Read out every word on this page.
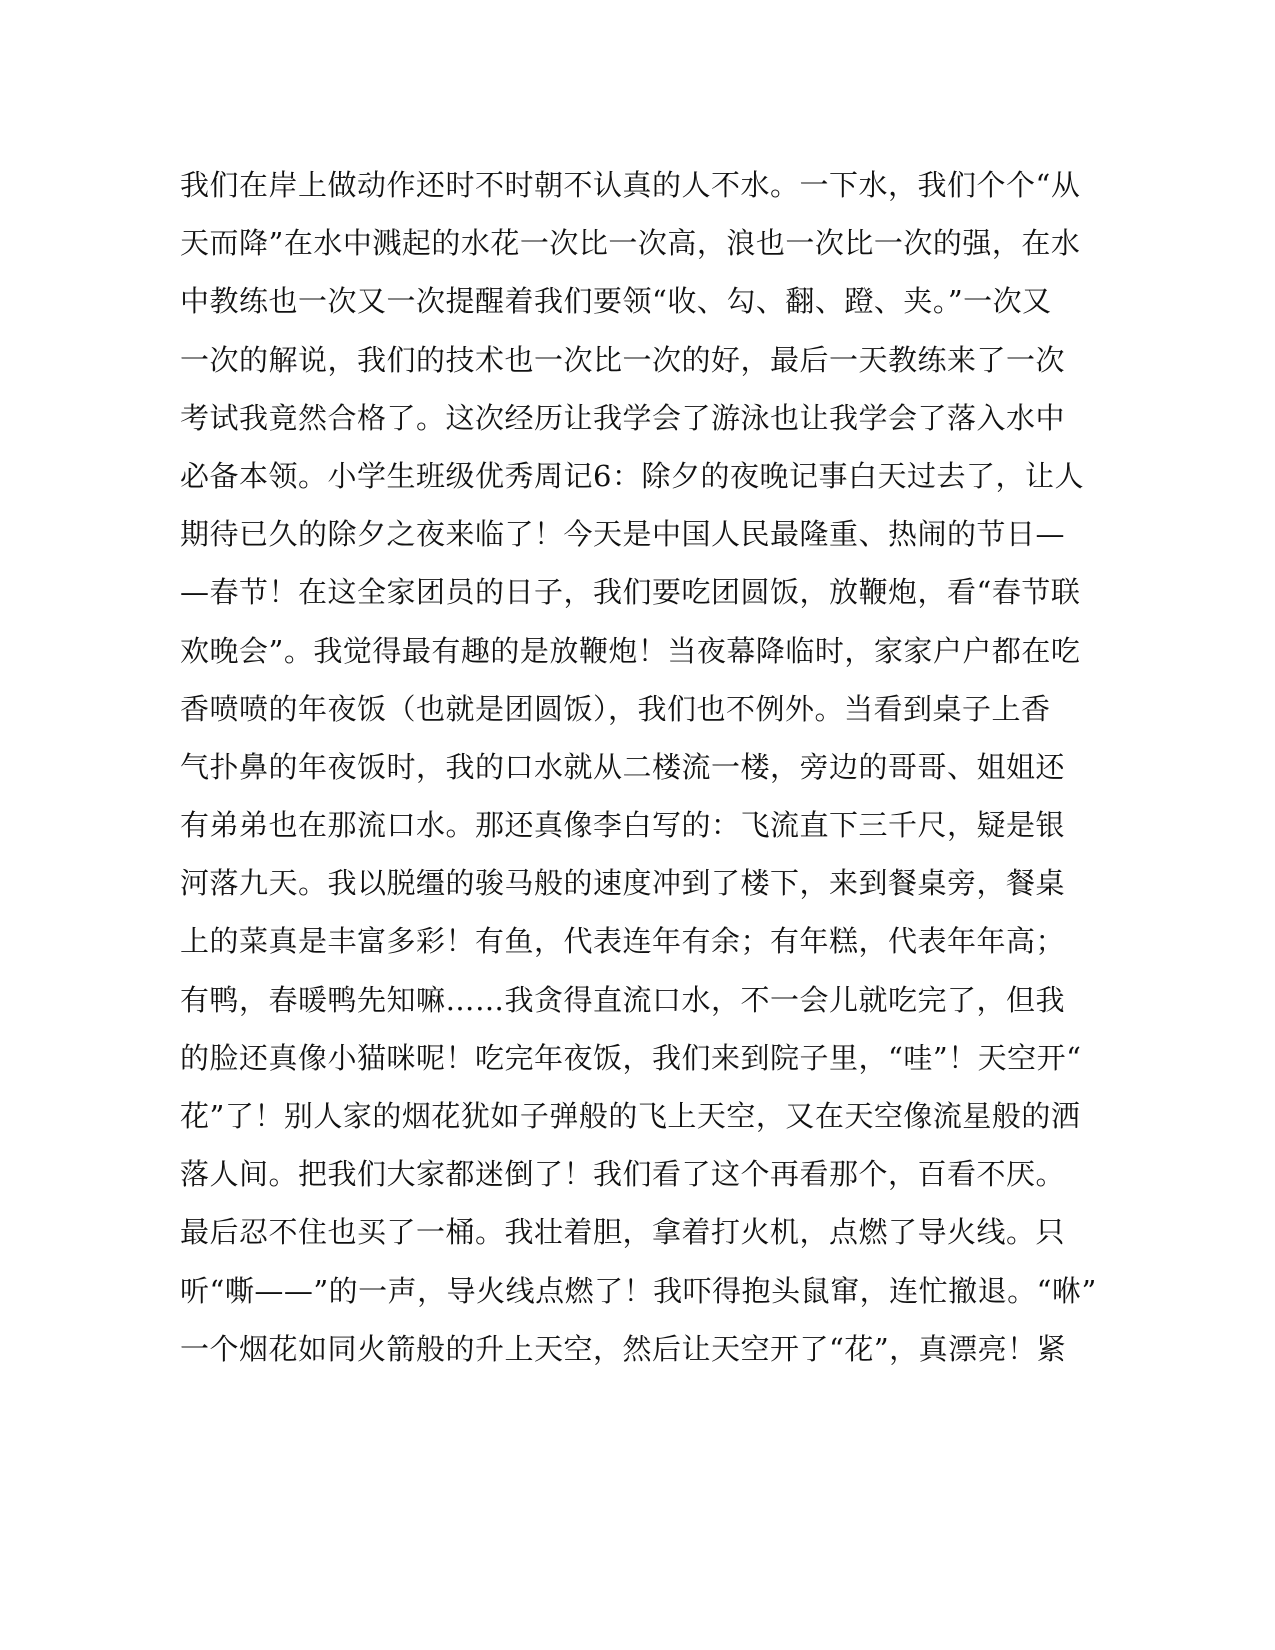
我们在岸上做动作还时不时朝不认真的人不水。一下水，我们个个“从
天而降”在水中溅起的水花一次比一次高，浪也一次比一次的强，在水
中教练也一次又一次提醒着我们要领“收、勾、翻、蹬、夹。”一次又
一次的解说，我们的技术也一次比一次的好，最后一天教练来了一次
考试我竟然合格了。这次经历让我学会了游泳也让我学会了落入水中
必备本领。小学生班级优秀周记6：除夕的夜晚记事白天过去了，让人
期待已久的除夕之夜来临了！今天是中国人民最隆重、热闹的节日—
—春节！在这全家团员的日子，我们要吃团圆饭，放鞭炮，看“春节联
欢晚会”。我觉得最有趣的是放鞭炮！当夜幕降临时，家家户户都在吃
香喷喷的年夜饭（也就是团圆饭），我们也不例外。当看到桌子上香
气扑鼻的年夜饭时，我的口水就从二楼流一楼，旁边的哥哥、姐姐还
有弟弟也在那流口水。那还真像李白写的：飞流直下三千尺，疑是银
河落九天。我以脱缰的骏马般的速度冲到了楼下，来到餐桌旁，餐桌
上的菜真是丰富多彩！有鱼，代表连年有余；有年糕，代表年年高；
有鸭，春暖鸭先知嘛……我贪得直流口水，不一会儿就吃完了，但我
的脸还真像小猫咪呢！吃完年夜饭，我们来到院子里，“哇”！天空开“
花”了！别人家的烟花犹如子弹般的飞上天空，又在天空像流星般的洒
落人间。把我们大家都迷倒了！我们看了这个再看那个，百看不厌。
最后忍不住也买了一桶。我壮着胆，拿着打火机，点燃了导火线。只
听“嘶——”的一声，导火线点燃了！我吓得抱头鼠窜，连忙撤退。“咻”
一个烟花如同火箭般的升上天空，然后让天空开了“花”，真漂亮！紧
